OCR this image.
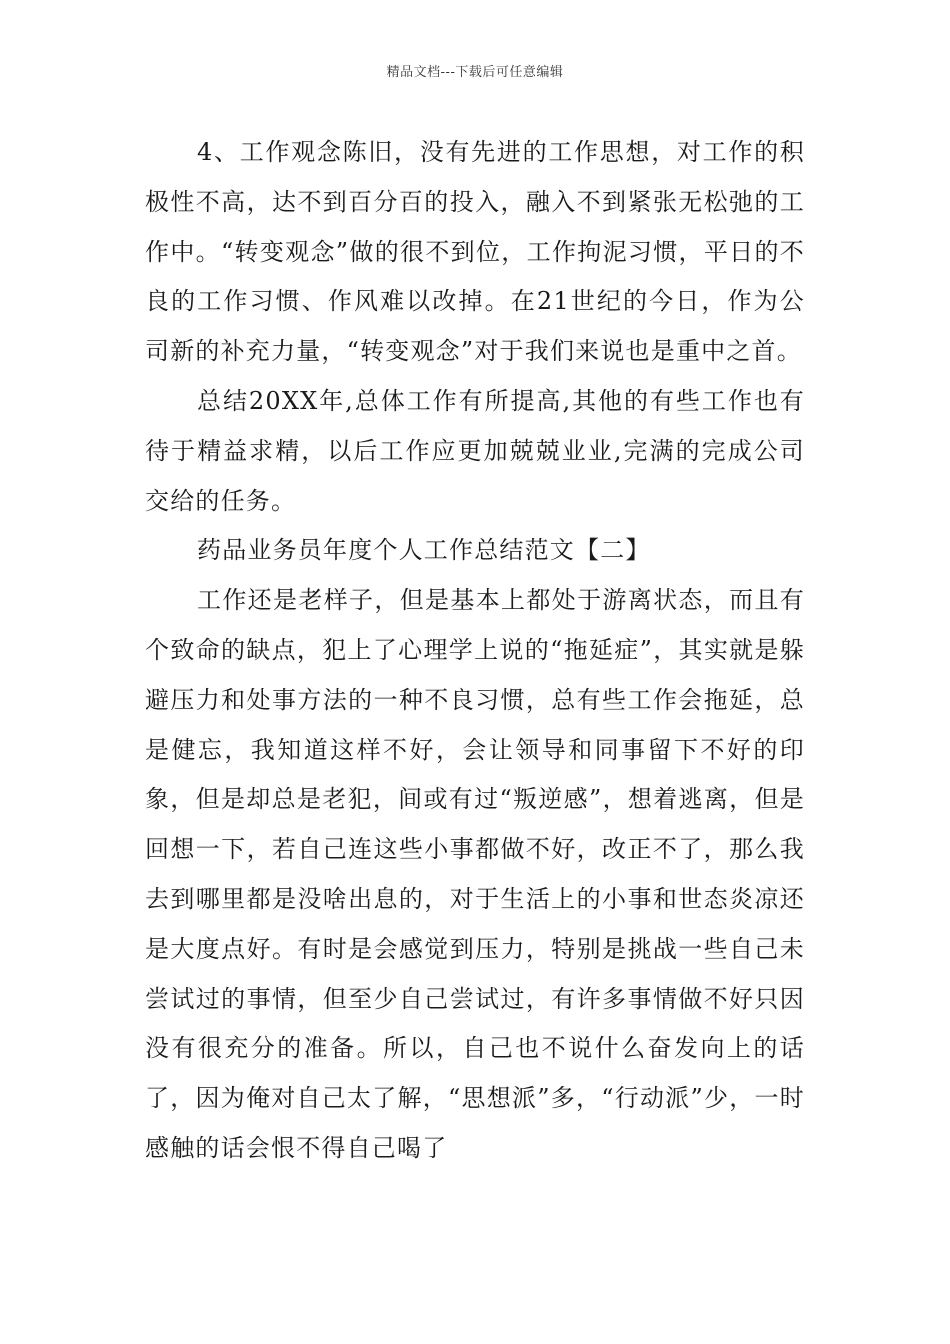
精品文档---下载后可任意编辑

4、工作观念陈旧，没有先进的工作思想，对工作的积极性不高，达不到百分百的投入，融入不到紧张无松弛的工作中。“转变观念”做的很不到位，工作拘泥习惯，平日的不良的工作习惯、作风难以改掉。在21世纪的今日，作为公司新的补充力量，“转变观念”对于我们来说也是重中之首。

总结20XX年,总体工作有所提高,其他的有些工作也有待于精益求精，以后工作应更加兢兢业业,完满的完成公司交给的任务。

药品业务员年度个人工作总结范文【二】

工作还是老样子，但是基本上都处于游离状态，而且有个致命的缺点，犯上了心理学上说的“拖延症”，其实就是躲避压力和处事方法的一种不良习惯，总有些工作会拖延，总是健忘，我知道这样不好，会让领导和同事留下不好的印象，但是却总是老犯，间或有过“叛逆感”，想着逃离，但是回想一下，若自己连这些小事都做不好，改正不了，那么我去到哪里都是没啥出息的，对于生活上的小事和世态炎凉还是大度点好。有时是会感觉到压力，特别是挑战一些自己未尝试过的事情，但至少自己尝试过，有许多事情做不好只因没有很充分的准备。所以，自己也不说什么奋发向上的话了，因为俺对自己太了解，“思想派”多，“行动派”少，一时感触的话会恨不得自己喝了
